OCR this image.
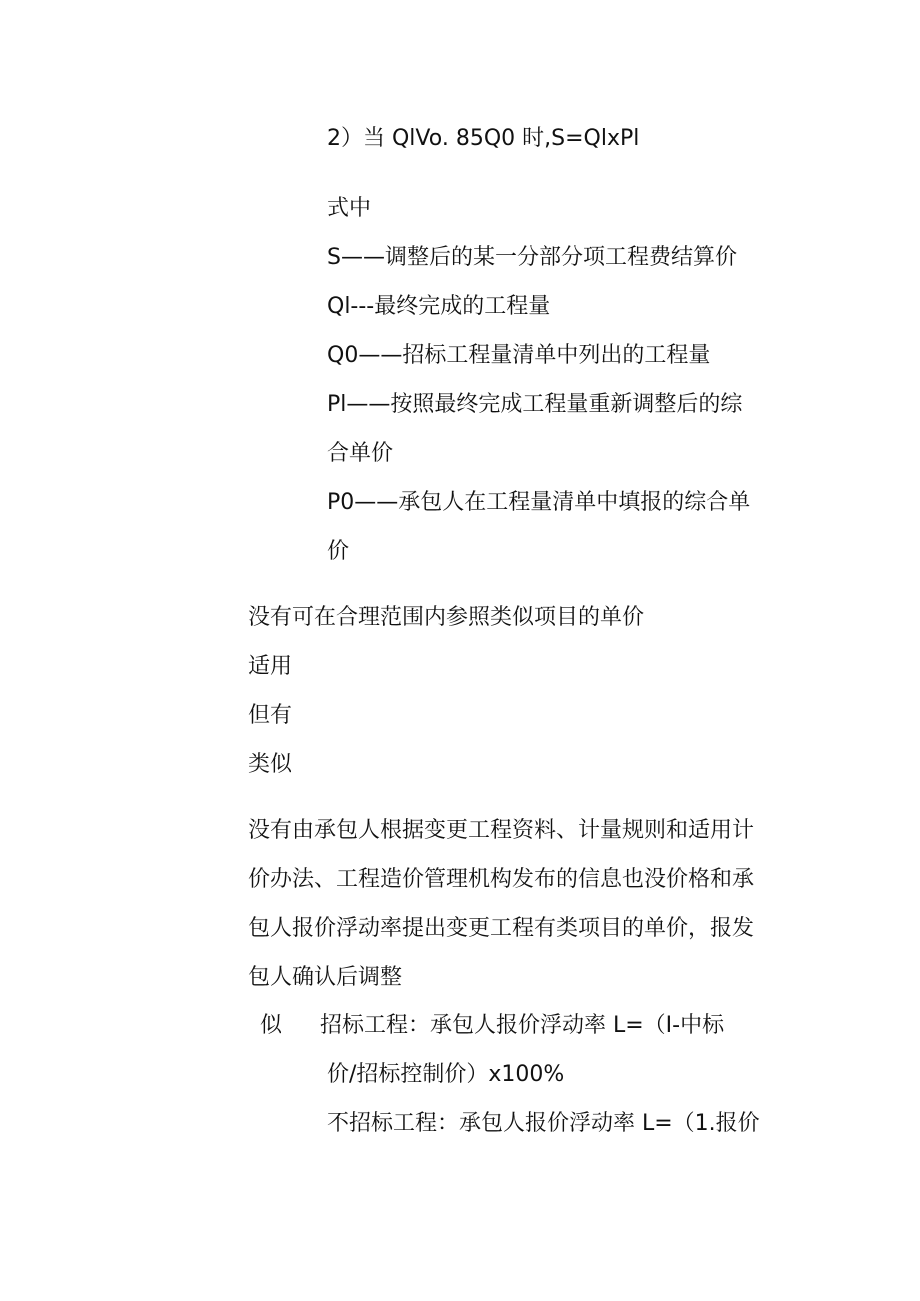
2）当 QlVo. 85Q0 时,S=QlxPl
式中
S——调整后的某一分部分项工程费结算价
Ql---最终完成的工程量
Q0——招标工程量清单中列出的工程量
Pl——按照最终完成工程量重新调整后的综
合单价
P0——承包人在工程量清单中填报的综合单
价
没有可在合理范围内参照类似项目的单价
适用
但有
类似
没有由承包人根据变更工程资料、计量规则和适用计
价办法、工程造价管理机构发布的信息也没价格和承
包人报价浮动率提出变更工程有类项目的单价，报发
包人确认后调整
似 招标工程：承包人报价浮动率 L=（I-中标
价/招标控制价）x100%
不招标工程：承包人报价浮动率 L=（1.报价
